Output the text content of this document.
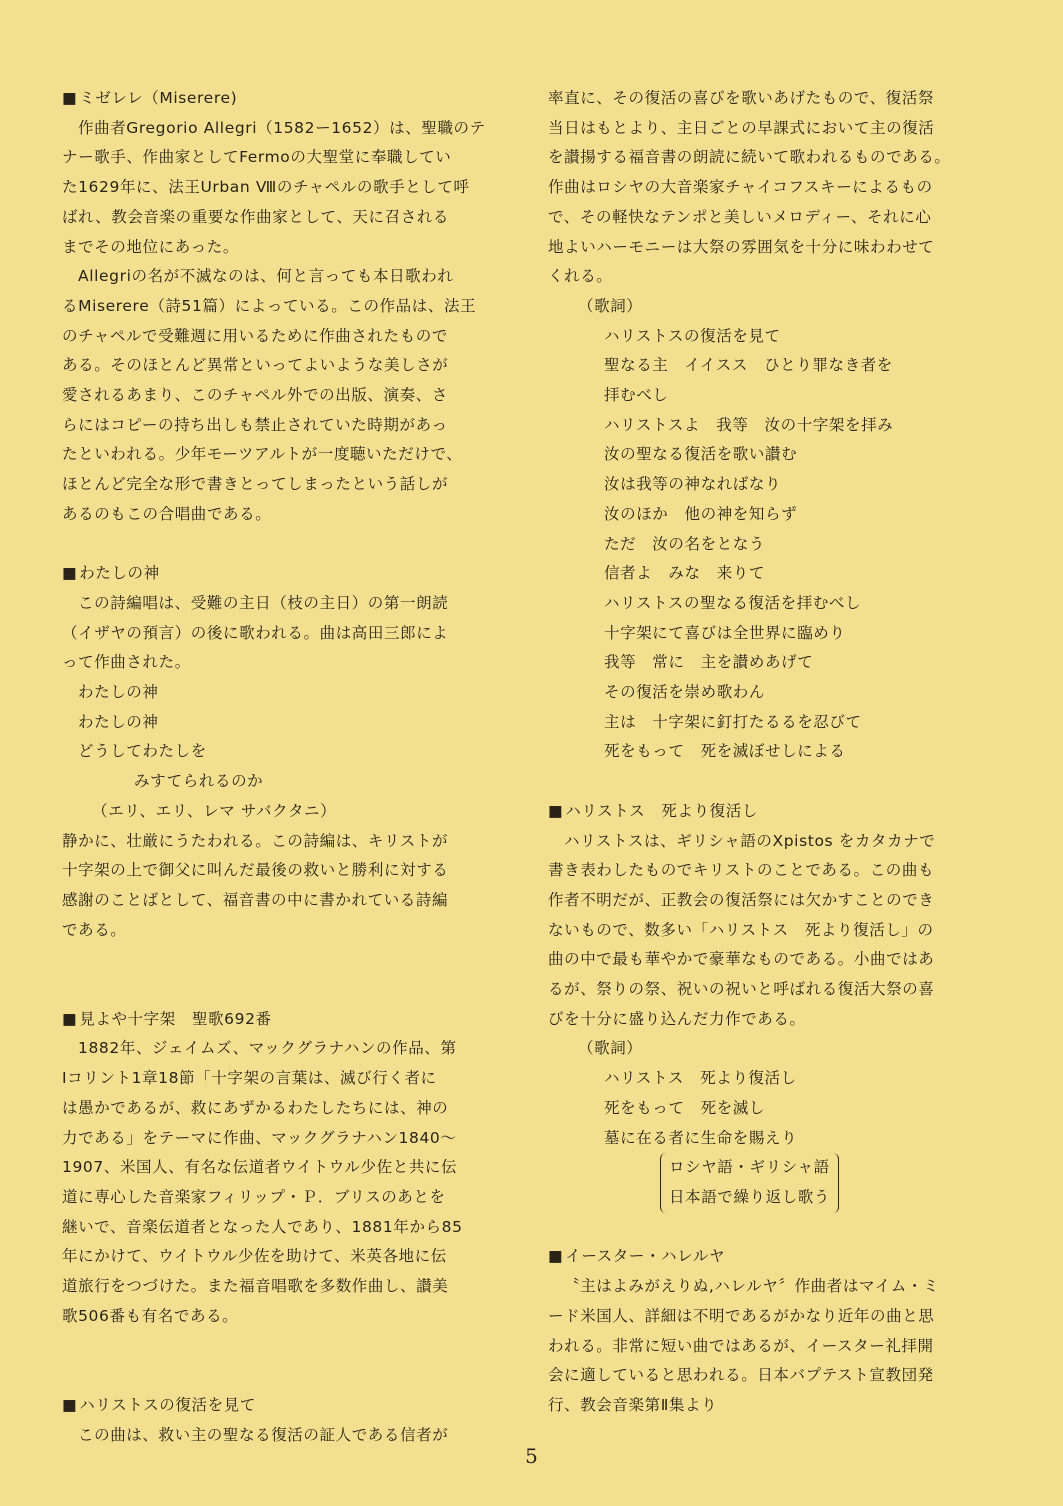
■ ミゼレレ（Miserere)
作曲者Gregorio Allegri（1582ー1652）は、聖職のテ
ナー歌手、作曲家としてFermoの大聖堂に奉職してい
た1629年に、法王Urban Ⅷのチャペルの歌手として呼
ばれ、教会音楽の重要な作曲家として、天に召される
までその地位にあった。
Allegriの名が不滅なのは、何と言っても本日歌われ
るMiserere（詩51篇）によっている。この作品は、法王
のチャペルで受難週に用いるために作曲されたもので
ある。そのほとんど異常といってよいような美しさが
愛されるあまり、このチャペル外での出版、演奏、さ
らにはコピーの持ち出しも禁止されていた時期があっ
たといわれる。少年モーツアルトが一度聴いただけで、
ほとんど完全な形で書きとってしまったという話しが
あるのもこの合唱曲である。
■ わたしの神
この詩編唱は、受難の主日（枝の主日）の第一朗読
（イザヤの預言）の後に歌われる。曲は高田三郎によ
って作曲された。
わたしの神
わたしの神
どうしてわたしを
みすてられるのか
（エリ、エリ、レマ サバクタニ）
静かに、壮厳にうたわれる。この詩編は、キリストが
十字架の上で御父に叫んだ最後の救いと勝利に対する
感謝のことばとして、福音書の中に書かれている詩編
である。
■ 見よや十字架　聖歌692番
1882年、ジェイムズ、マックグラナハンの作品、第
Ⅰコリント1章18節「十字架の言葉は、滅び行く者に
は愚かであるが、救にあずかるわたしたちには、神の
力である」をテーマに作曲、マックグラナハン1840～
1907、米国人、有名な伝道者ウイトウル少佐と共に伝
道に専心した音楽家フィリップ・Ｐ．ブリスのあとを
継いで、音楽伝道者となった人であり、1881年から85
年にかけて、ウイトウル少佐を助けて、米英各地に伝
道旅行をつづけた。また福音唱歌を多数作曲し、讃美
歌506番も有名である。
■ ハリストスの復活を見て
この曲は、救い主の聖なる復活の証人である信者が
率直に、その復活の喜びを歌いあげたもので、復活祭
当日はもとより、主日ごとの早課式において主の復活
を讃揚する福音書の朗読に続いて歌われるものである。
作曲はロシヤの大音楽家チャイコフスキーによるもの
で、その軽快なテンポと美しいメロディー、それに心
地よいハーモニーは大祭の雰囲気を十分に味わわせて
くれる。
（歌詞）
ハリストスの復活を見て
聖なる主　イイスス　ひとり罪なき者を
拝むべし
ハリストスよ　我等　汝の十字架を拝み
汝の聖なる復活を歌い讃む
汝は我等の神なればなり
汝のほか　他の神を知らず
ただ　汝の名をとなう
信者よ　みな　来りて
ハリストスの聖なる復活を拝むべし
十字架にて喜びは全世界に臨めり
我等　常に　主を讃めあげて
その復活を崇め歌わん
主は　十字架に釘打たるるを忍びて
死をもって　死を滅ぼせしによる
■ ハリストス　死より復活し
ハリストスは、ギリシャ語のXpistos をカタカナで
書き表わしたものでキリストのことである。この曲も
作者不明だが、正教会の復活祭には欠かすことのでき
ないもので、数多い「ハリストス　死より復活し」の
曲の中で最も華やかで豪華なものである。小曲ではあ
るが、祭りの祭、祝いの祝いと呼ばれる復活大祭の喜
びを十分に盛り込んだ力作である。
（歌詞）
ハリストス　死より復活し
死をもって　死を滅し
墓に在る者に生命を賜えり
ロシヤ語・ギリシャ語
日本語で繰り返し歌う
■ イースター・ハレルヤ
〝主はよみがえりぬ,ハレルヤ〞作曲者はマイム・ミ
ード米国人、詳細は不明であるがかなり近年の曲と思
われる。非常に短い曲ではあるが、イースター礼拝開
会に適していると思われる。日本バプテスト宣教団発
行、教会音楽第Ⅱ集より
5
